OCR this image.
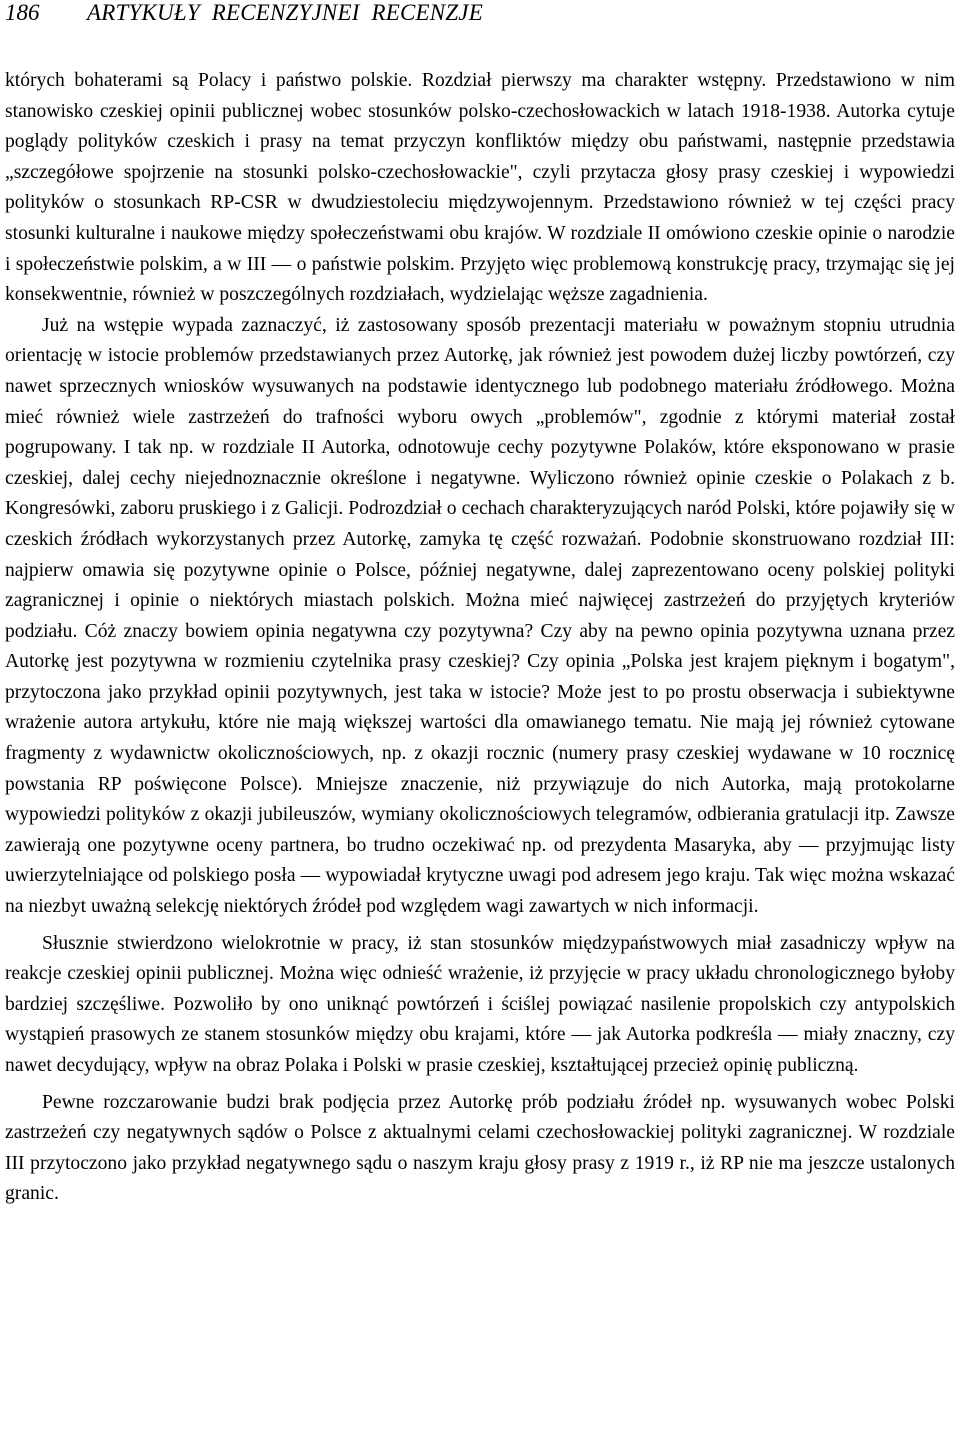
186 ARTYKUŁY  RECENZYJNEI  RECENZJE

których bohaterami są Polacy i państwo polskie. Rozdział pierwszy ma charakter wstępny. Przedstawiono w nim stanowisko czeskiej opinii publicznej wobec stosunków polsko-czechosłowackich w latach 1918-1938. Autorka cytuje poglądy polityków czeskich i prasy na temat przyczyn konfliktów między obu państwami, następnie przedstawia „szczegółowe spojrzenie na stosunki polsko-czechosłowackie", czyli przytacza głosy prasy czeskiej i wypowiedzi polityków o stosunkach RP-CSR w dwudziestoleciu międzywojennym. Przedstawiono również w tej części pracy stosunki kulturalne i naukowe między społeczeństwami obu krajów. W rozdziale II omówiono czeskie opinie o narodzie i społeczeństwie polskim, a w III — o państwie polskim. Przyjęto więc problemową konstrukcję pracy, trzymając się jej konsekwentnie, również w poszczególnych rozdziałach, wydzielając węższe zagadnienia.

Już na wstępie wypada zaznaczyć, iż zastosowany sposób prezentacji materiału w poważnym stopniu utrudnia orientację w istocie problemów przedstawianych przez Autorkę, jak również jest powodem dużej liczby powtórzeń, czy nawet sprzecznych wniosków wysuwanych na podstawie identycznego lub podobnego materiału źródłowego. Można mieć również wiele zastrzeżeń do trafności wyboru owych „problemów", zgodnie z którymi materiał został pogrupowany. I tak np. w rozdziale II Autorka, odnotowuje cechy pozytywne Polaków, które eksponowano w prasie czeskiej, dalej cechy niejednoznacznie określone i negatywne. Wyliczono również opinie czeskie o Polakach z b. Kongresówki, zaboru pruskiego i z Galicji. Podrozdział o cechach charakteryzujących naród Polski, które pojawiły się w czeskich źródłach wykorzystanych przez Autorkę, zamyka tę część rozważań. Podobnie skonstruowano rozdział III: najpierw omawia się pozytywne opinie o Polsce, później negatywne, dalej zaprezentowano oceny polskiej polityki zagranicznej i opinie o niektórych miastach polskich. Można mieć najwięcej zastrzeżeń do przyjętych kryteriów podziału. Cóż znaczy bowiem opinia negatywna czy pozytywna? Czy aby na pewno opinia pozytywna uznana przez Autorkę jest pozytywna w rozmieniu czytelnika prasy czeskiej? Czy opinia „Polska jest krajem pięknym i bogatym", przytoczona jako przykład opinii pozytywnych, jest taka w istocie? Może jest to po prostu obserwacja i subiektywne wrażenie autora artykułu, które nie mają większej wartości dla omawianego tematu. Nie mają jej również cytowane fragmenty z wydawnictw okolicznościowych, np. z okazji rocznic (numery prasy czeskiej wydawane w 10 rocznicę powstania RP poświęcone Polsce). Mniejsze znaczenie, niż przywiązuje do nich Autorka, mają protokolarne wypowiedzi polityków z okazji jubileuszów, wymiany okolicznościowych telegramów, odbierania gratulacji itp. Zawsze zawierają one pozytywne oceny partnera, bo trudno oczekiwać np. od prezydenta Masaryka, aby — przyjmując listy uwierzytelniające od polskiego posła — wypowiadał krytyczne uwagi pod adresem jego kraju. Tak więc można wskazać na niezbyt uważną selekcję niektórych źródeł pod względem wagi zawartych w nich informacji.

Słusznie stwierdzono wielokrotnie w pracy, iż stan stosunków międzypaństwowych miał zasadniczy wpływ na reakcje czeskiej opinii publicznej. Można więc odnieść wrażenie, iż przyjęcie w pracy układu chronologicznego byłoby bardziej szczęśliwe. Pozwoliło by ono uniknąć powtórzeń i ściślej powiązać nasilenie propolskich czy antypolskich wystąpień prasowych ze stanem stosunków między obu krajami, które — jak Autorka podkreśla — miały znaczny, czy nawet decydujący, wpływ na obraz Polaka i Polski w prasie czeskiej, kształtującej przecież opinię publiczną.

Pewne rozczarowanie budzi brak podjęcia przez Autorkę prób podziału źródeł np. wysuwanych wobec Polski zastrzeżeń czy negatywnych sądów o Polsce z aktualnymi celami czechosłowackiej polityki zagranicznej. W rozdziale III przytoczono jako przykład negatywnego sądu o naszym kraju głosy prasy z 1919 r., iż RP nie ma jeszcze ustalonych granic.
